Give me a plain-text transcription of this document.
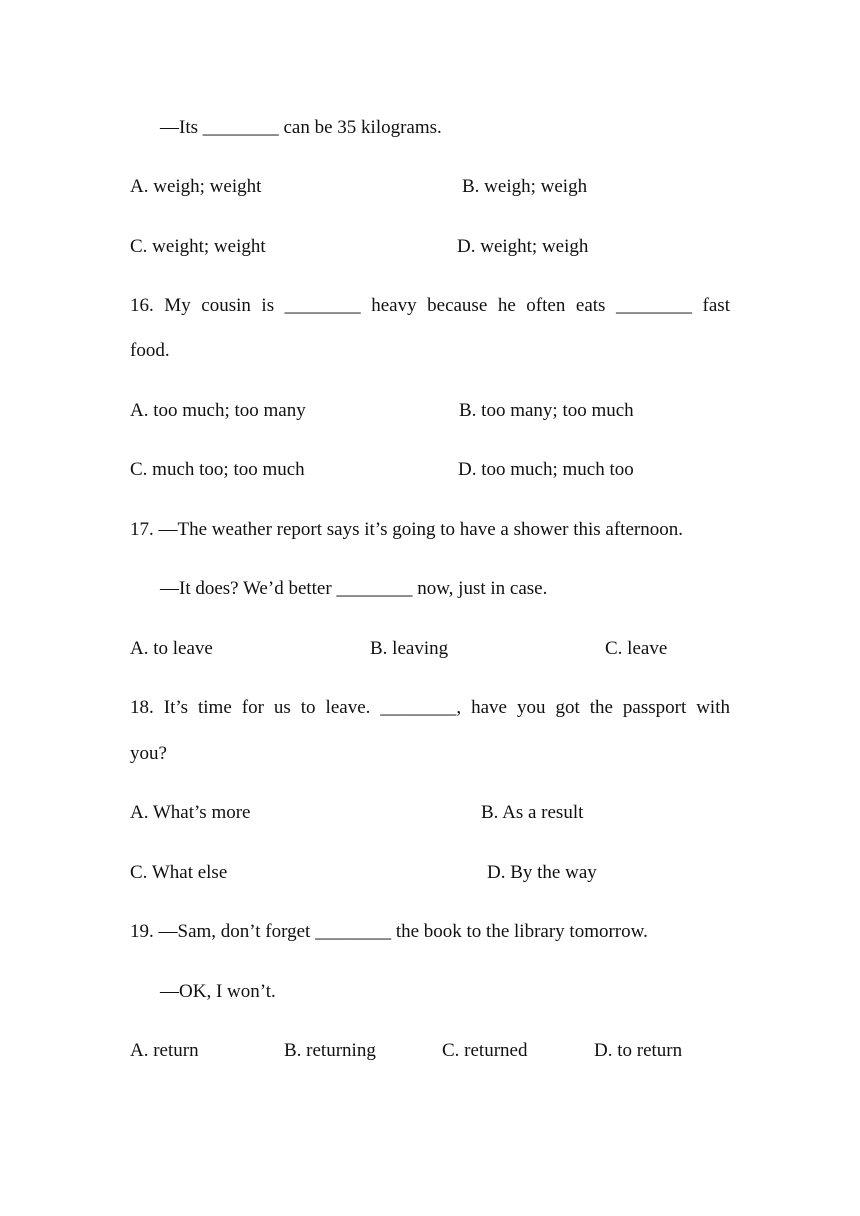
—Its ________ can be 35 kilograms.
A. weigh; weight	B. weigh; weigh
C. weight; weight	D. weight; weigh
16. My cousin is ________ heavy because he often eats ________ fast
food.
A. too much; too many	B. too many; too much
C. much too; too much	D. too much; much too
17. —The weather report says it’s going to have a shower this afternoon.
—It does? We’d better ________ now, just in case.
A. to leave	B. leaving	C. leave
18. It’s time for us to leave. ________, have you got the passport with
you?
A. What’s more	B. As a result
C. What else	D. By the way
19. —Sam, don’t forget ________ the book to the library tomorrow.
—OK, I won’t.
A. return	B. returning	C. returned	D. to return
